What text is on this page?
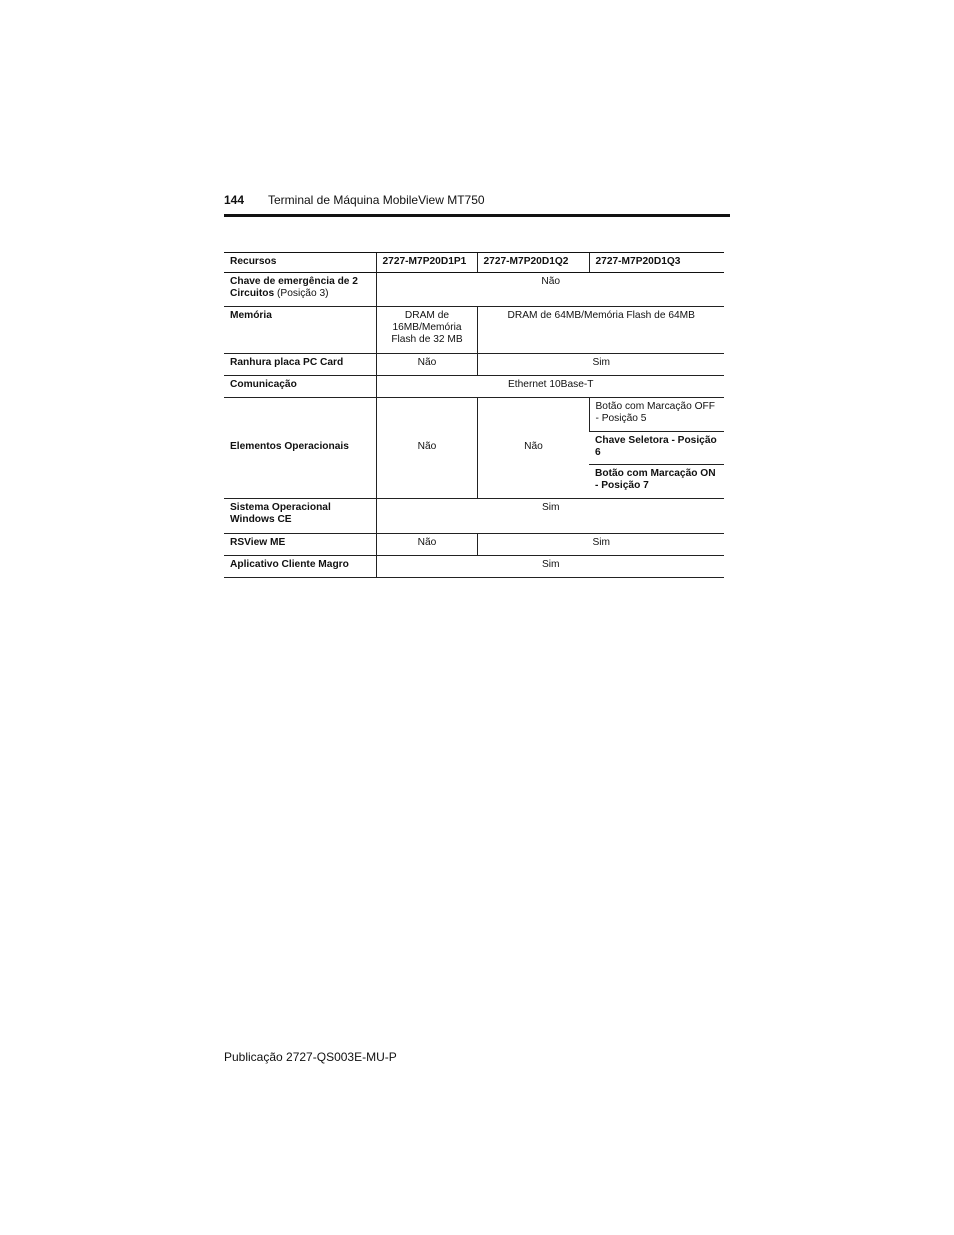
144 Terminal de Máquina MobileView MT750
Recursos	2727-M7P20D1P1	2727-M7P20D1Q2	2727-M7P20D1Q3
Chave de emergência de 2 Circuitos (Posição 3)	Não		
Memória	DRAM de 16MB/Memória Flash de 32 MB	DRAM de 64MB/Memória Flash de 64MB	
Ranhura placa PC Card	Não	Sim	
Comunicação	Ethernet 10Base-T		
Elementos Operacionais	Não	Não	Botão com Marcação OFF - Posição 5
			Chave Seletora - Posição 6
			Botão com Marcação ON - Posição 7
Sistema Operacional Windows CE	Sim		
RSView ME	Não	Sim	
Aplicativo Cliente Magro	Sim		
Publicação 2727-QS003E-MU-P
